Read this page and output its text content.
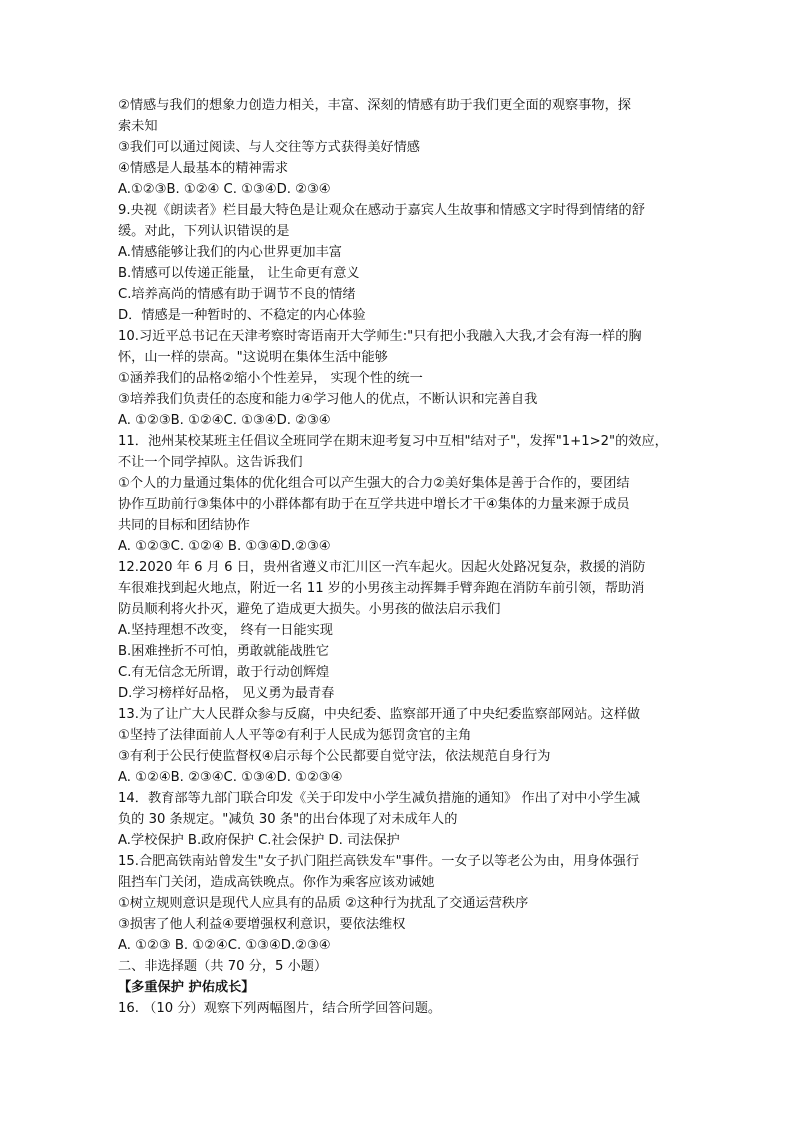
②情感与我们的想象力创造力相关，丰富、深刻的情感有助于我们更全面的观察事物，探
索未知
③我们可以通过阅读、与人交往等方式获得美好情感
④情感是人最基本的精神需求
A.①②③B. ①②④ C. ①③④D. ②③④
9.央视《朗读者》栏目最大特色是让观众在感动于嘉宾人生故事和情感文字时得到情绪的舒
缓。对此，下列认识错误的是
A.情感能够让我们的内心世界更加丰富
B.情感可以传递正能量， 让生命更有意义
C.培养高尚的情感有助于调节不良的情绪
D．情感是一种暂时的、不稳定的内心体验
10.习近平总书记在天津考察时寄语南开大学师生:"只有把小我融入大我,才会有海一样的胸
怀，山一样的崇高。"这说明在集体生活中能够
①涵养我们的品格②缩小个性差异， 实现个性的统一
③培养我们负责任的态度和能力④学习他人的优点，不断认识和完善自我
A. ①②③B. ①②④C. ①③④D. ②③④
11．池州某校某班主任倡议全班同学在期末迎考复习中互相"结对子"，发挥"1+1>2"的效应，
不让一个同学掉队。这告诉我们
①个人的力量通过集体的优化组合可以产生强大的合力②美好集体是善于合作的，要团结
协作互助前行③集体中的小群体都有助于在互学共进中增长才干④集体的力量来源于成员
共同的目标和团结协作
A. ①②③C. ①②④ B. ①③④D.②③④
12.2020 年 6 月 6 日，贵州省遵义市汇川区一汽车起火。因起火处路况复杂，救援的消防
车很难找到起火地点，附近一名 11 岁的小男孩主动挥舞手臂奔跑在消防车前引领，帮助消
防员顺利将火扑灭，避免了造成更大损失。小男孩的做法启示我们
A.坚持理想不改变， 终有一日能实现
B.困难挫折不可怕，勇敢就能战胜它
C.有无信念无所谓，敢于行动创辉煌
D.学习榜样好品格， 见义勇为最青春
13.为了让广大人民群众参与反腐，中央纪委、监察部开通了中央纪委监察部网站。这样做
①坚持了法律面前人人平等②有利于人民成为惩罚贪官的主角
③有利于公民行使监督权④启示每个公民都要自觉守法，依法规范自身行为
A. ①②④B. ②③④C. ①③④D. ①②③④
14．教育部等九部门联合印发《关于印发中小学生减负措施的通知》 作出了对中小学生减
负的 30 条规定。"减负 30 条"的出台体现了对未成年人的
A.学校保护 B.政府保护 C.社会保护 D. 司法保护
15.合肥高铁南站曾发生"女子扒门阻拦高铁发车"事件。一女子以等老公为由，用身体强行
阻挡车门关闭，造成高铁晚点。你作为乘客应该劝诫她
①树立规则意识是现代人应具有的品质 ②这种行为扰乱了交通运营秩序
③损害了他人利益④要增强权利意识，要依法维权
A. ①②③ B. ①②④C. ①③④D.②③④
二、非选择题（共 70 分，5 小题）
【多重保护 护佑成长】
16. （10 分）观察下列两幅图片，结合所学回答问题。
